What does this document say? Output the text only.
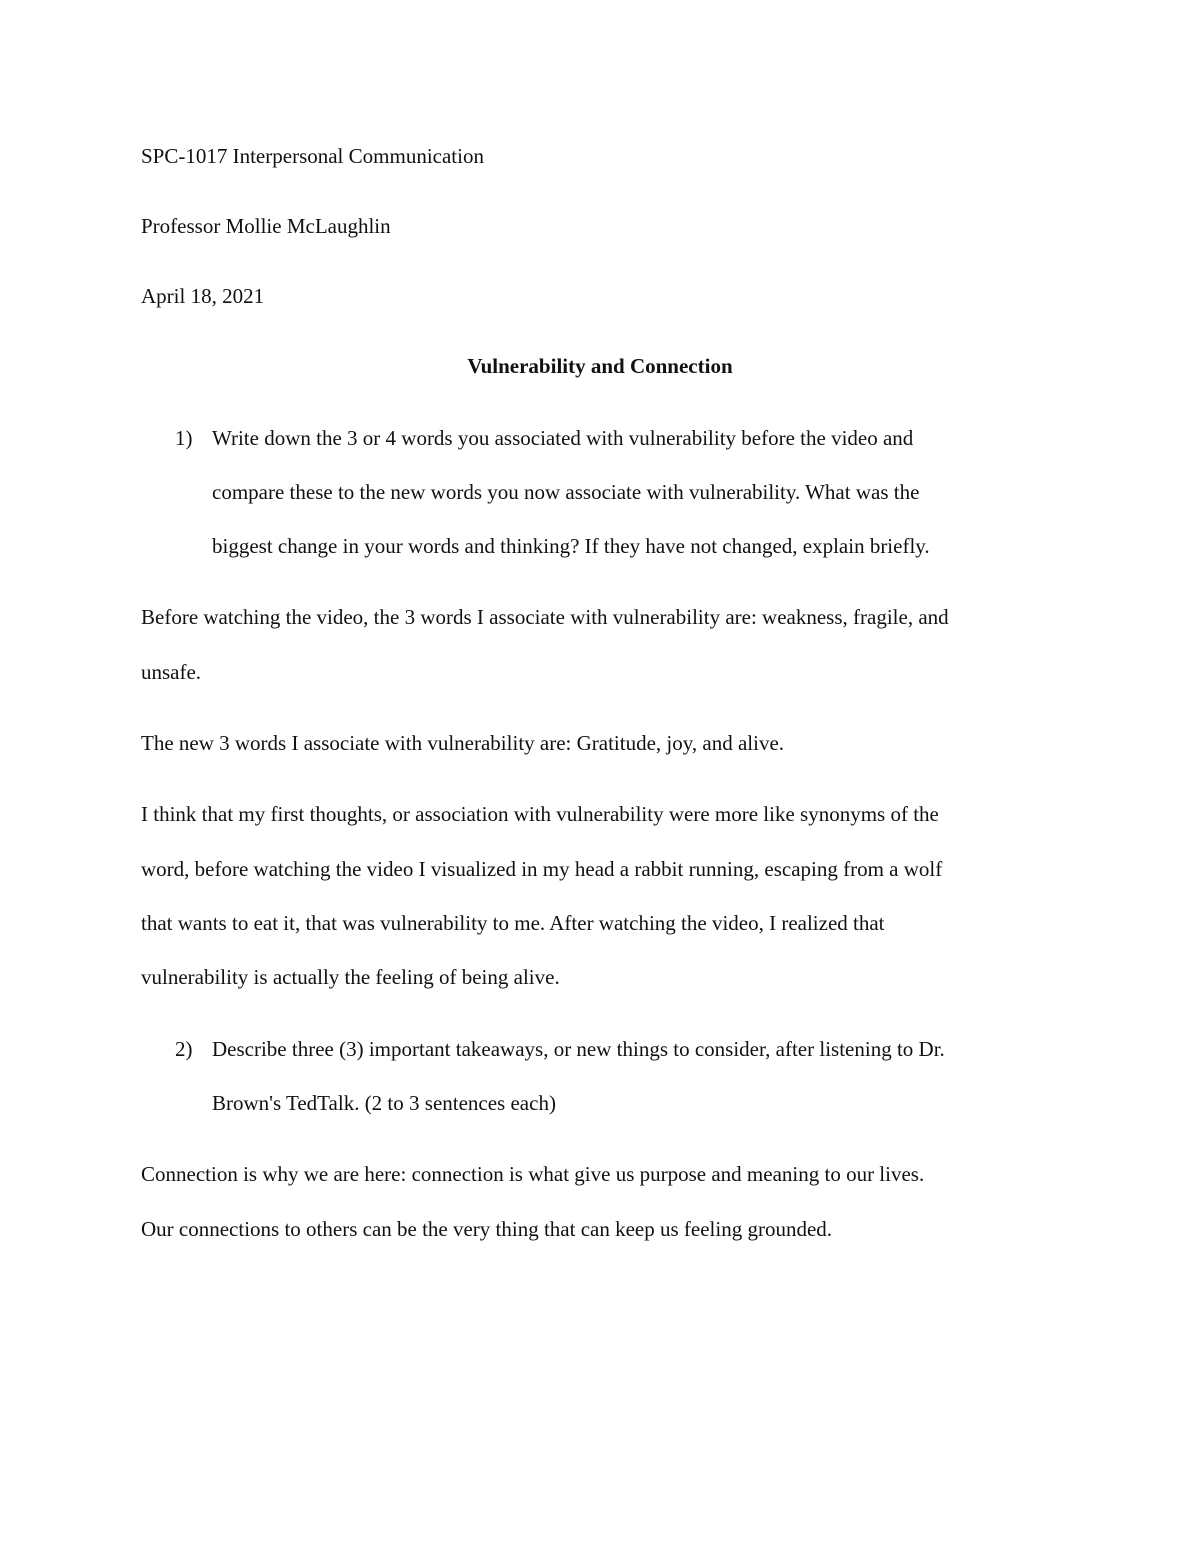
SPC-1017 Interpersonal Communication
Professor Mollie McLaughlin
April 18, 2021
Vulnerability and Connection
1) Write down the 3 or 4 words you associated with vulnerability before the video and
compare these to the new words you now associate with vulnerability. What was the
biggest change in your words and thinking? If they have not changed, explain briefly.
Before watching the video, the 3 words I associate with vulnerability are: weakness, fragile, and
unsafe.
The new 3 words I associate with vulnerability are: Gratitude, joy, and alive.
I think that my first thoughts, or association with vulnerability were more like synonyms of the
word, before watching the video I visualized in my head a rabbit running, escaping from a wolf
that wants to eat it, that was vulnerability to me. After watching the video, I realized that
vulnerability is actually the feeling of being alive.
2) Describe three (3) important takeaways, or new things to consider, after listening to Dr.
Brown's TedTalk. (2 to 3 sentences each)
Connection is why we are here: connection is what give us purpose and meaning to our lives.
Our connections to others can be the very thing that can keep us feeling grounded.
